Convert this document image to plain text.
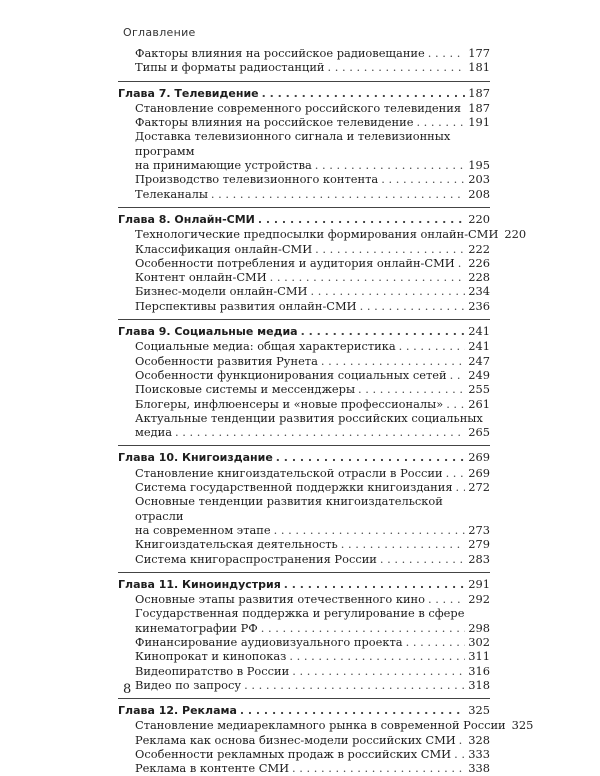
Оглавление
Факторы влияния на российское радиовещание . . .	177
Типы и форматы радиостанций . . .	181
Глава 7. Телевидение . . .	187
Становление современного российского телевидения . . . 187
Факторы влияния на российское телевидение . . .	191
Доставка телевизионного сигнала и телевизионных программ
на принимающие устройства . . .	195
Производство телевизионного контента . . .	203
Телеканалы . . .	208
Глава 8. Онлайн-СМИ . . .	220
Технологические предпосылки формирования онлайн-СМИ 220
Классификация онлайн-СМИ . . .	222
Особенности потребления и аудитория онлайн-СМИ . . . 226
Контент онлайн-СМИ . . .	228
Бизнес-модели онлайн-СМИ . . .	234
Перспективы развития онлайн-СМИ . . .	236
Глава 9. Социальные медиа . . .	241
Социальные медиа: общая характеристика . . .	241
Особенности развития Рунета . . .	247
Особенности функционирования социальных сетей . . . 249
Поисковые системы и мессенджеры . . .	255
Блогеры, инфлюенсеры и «новые профессионалы» . . . 261
Актуальные тенденции развития российских социальных
медиа . . .	265
Глава 10. Книгоиздание . . .	269
Становление книгоиздательской отрасли в России . . . 269
Система государственной поддержки книгоиздания . . . 272
Основные тенденции развития книгоиздательской отрасли
на современном этапе . . .	273
Книгоиздательская деятельность . . .	279
Система книгораспространения России . . .	283
Глава 11. Киноиндустрия . . .	291
Основные этапы развития отечественного кино . . .	292
Государственная поддержка и регулирование в сфере
кинематографии РФ . . .	298
Финансирование аудиовизуального проекта . . .	302
Кинопрокат и кинопоказ . . .	311
Видеопиратство в России . . .	316
Видео по запросу . . .	318
Глава 12. Реклама . . .	325
Становление медиарекламного рынка в современной России 325
Реклама как основа бизнес-модели российских СМИ . . . 328
Особенности рекламных продаж в российских СМИ . . . 333
Реклама в контенте СМИ . . .	338
8
